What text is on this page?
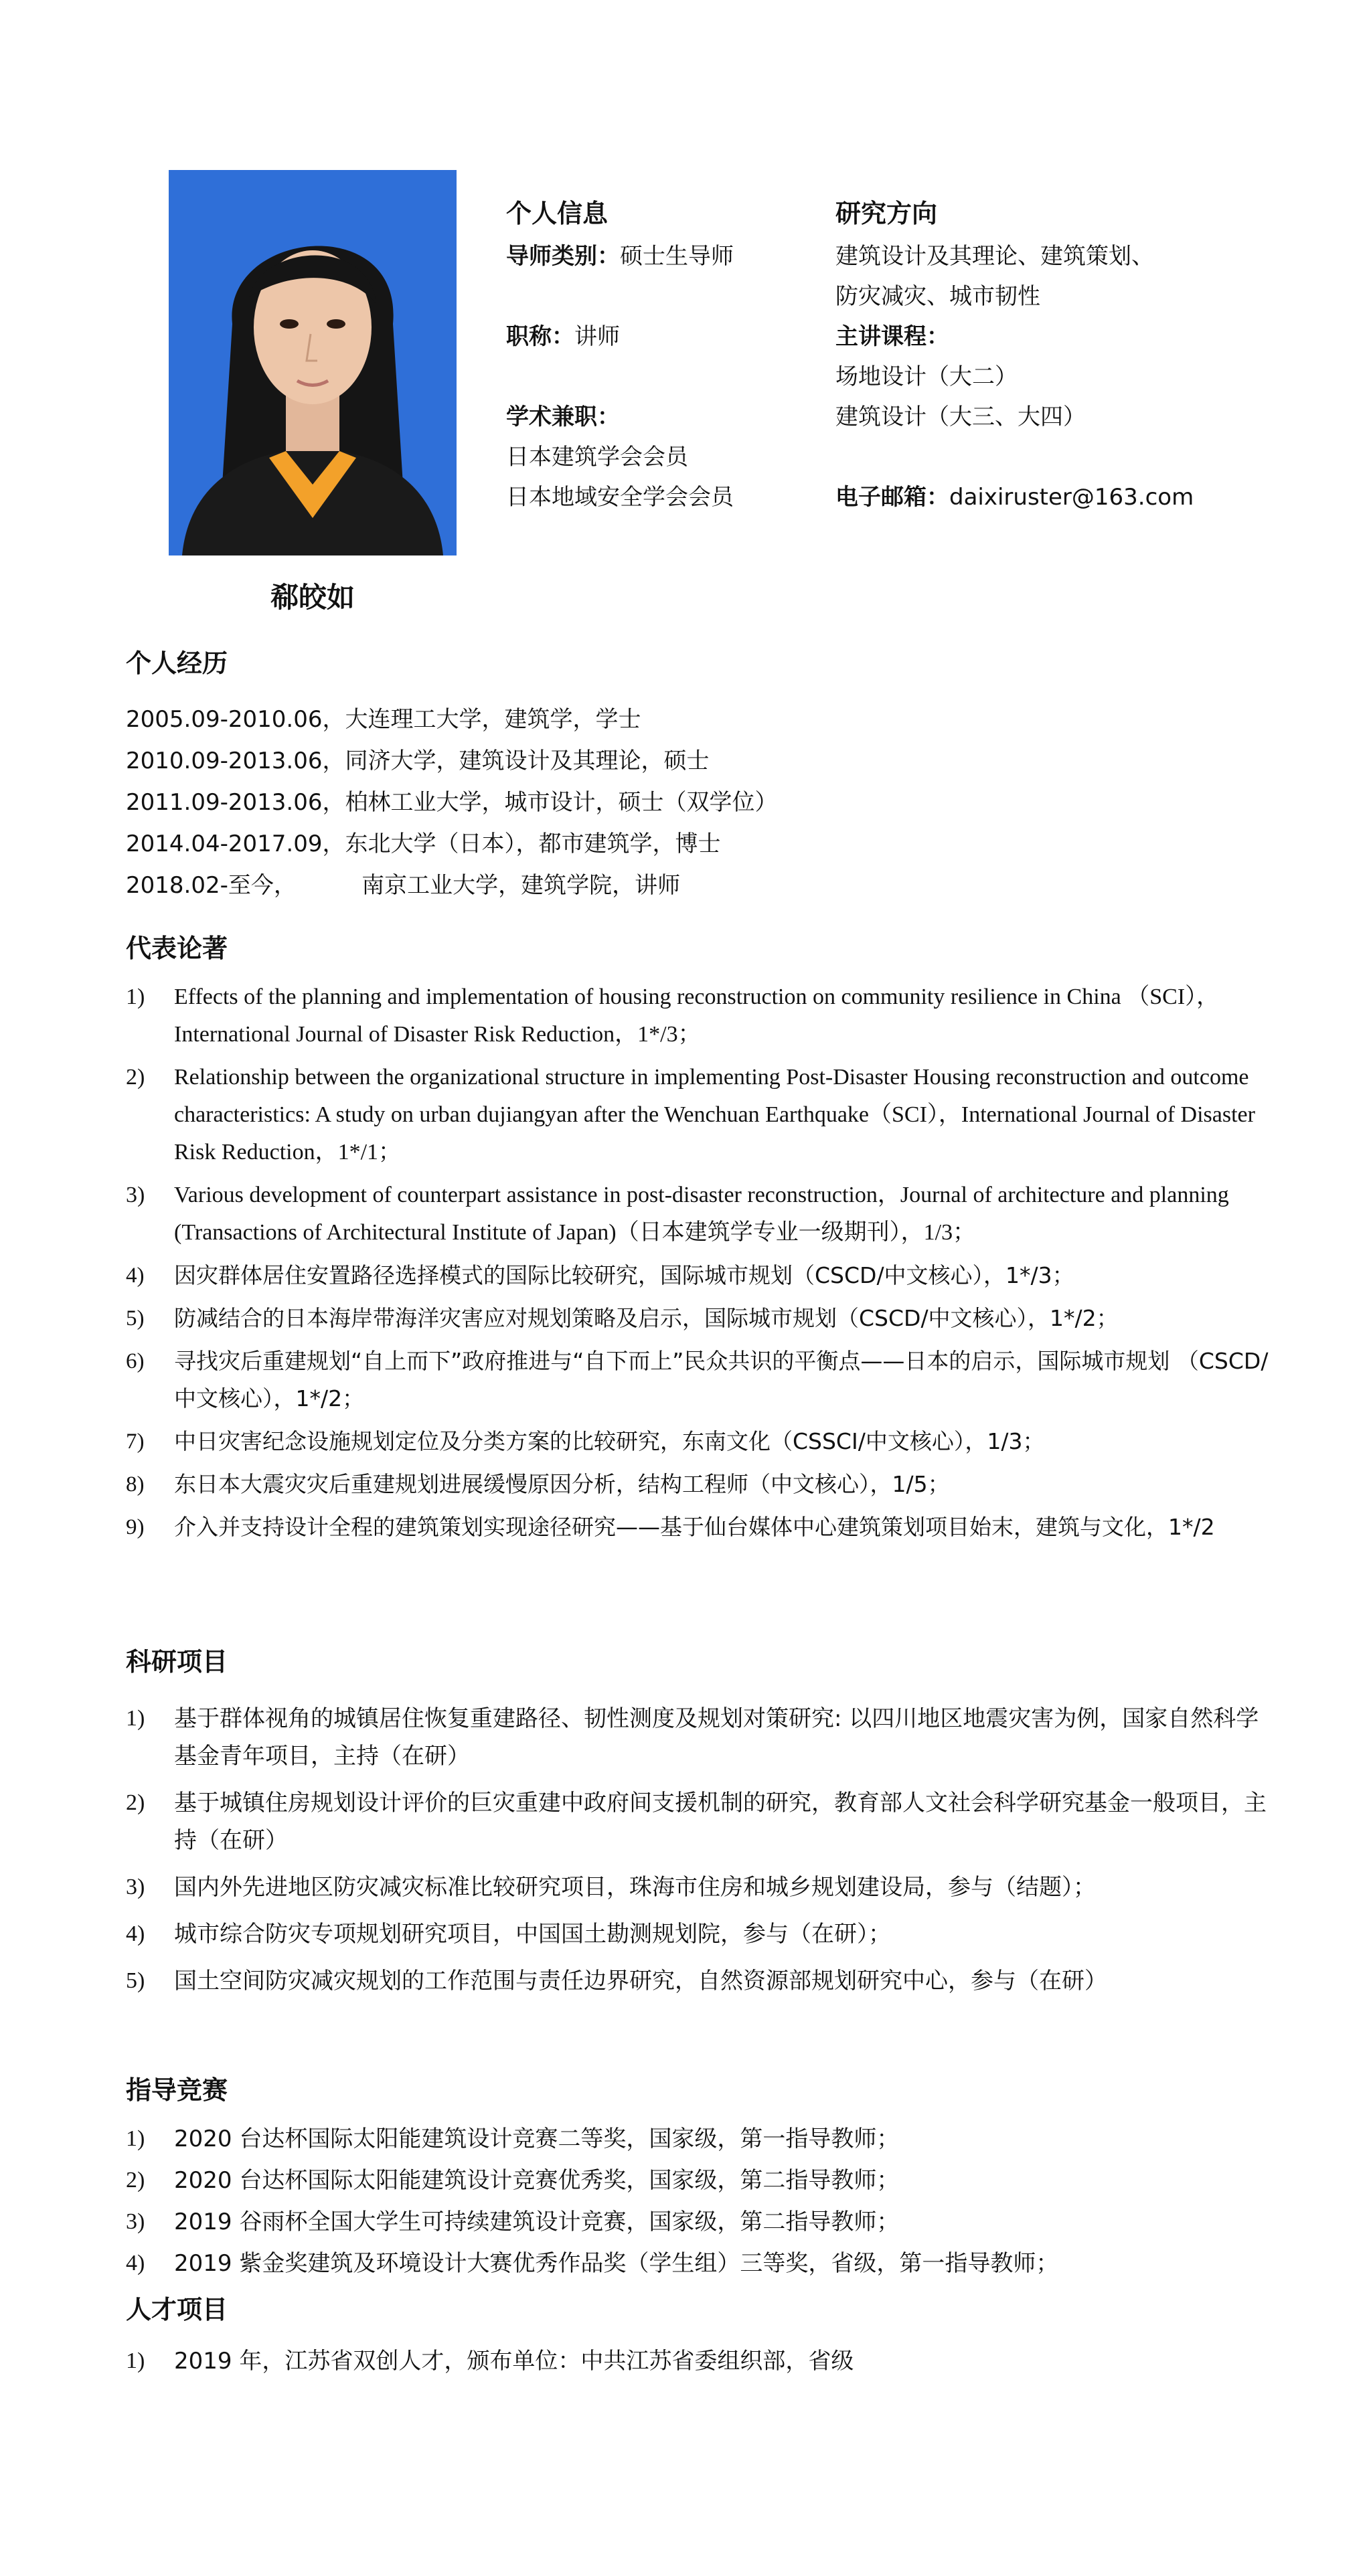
郗皎如
个人信息
导师类别：硕士生导师
职称：讲师
学术兼职：
日本建筑学会会员
日本地域安全学会会员
研究方向
建筑设计及其理论、建筑策划、
防灾减灾、城市韧性
主讲课程：
场地设计（大二）
建筑设计（大三、大四）
电子邮箱：daixiruster@163.com
个人经历
2005.09-2010.06，大连理工大学，建筑学，学士
2010.09-2013.06，同济大学，建筑设计及其理论，硕士
2011.09-2013.06，柏林工业大学，城市设计，硕士（双学位）
2014.04-2017.09，东北大学（日本），都市建筑学，博士
2018.02-至今，         南京工业大学，建筑学院，讲师
代表论著
1) Effects of the planning and implementation of housing reconstruction on community resilience in China （SCI），International Journal of Disaster Risk Reduction，1*/3；
2) Relationship between the organizational structure in implementing Post-Disaster Housing reconstruction and outcome characteristics: A study on urban dujiangyan after the Wenchuan Earthquake（SCI），International Journal of Disaster Risk Reduction，1*/1；
3) Various development of counterpart assistance in post-disaster reconstruction，Journal of architecture and planning (Transactions of Architectural Institute of Japan)（日本建筑学专业一级期刊），1/3；
4) 因灾群体居住安置路径选择模式的国际比较研究，国际城市规划（CSCD/中文核心），1*/3；
5) 防减结合的日本海岸带海洋灾害应对规划策略及启示，国际城市规划（CSCD/中文核心），1*/2；
6) 寻找灾后重建规划“自上而下”政府推进与“自下而上”民众共识的平衡点——日本的启示，国际城市规划 （CSCD/中文核心），1*/2；
7) 中日灾害纪念设施规划定位及分类方案的比较研究，东南文化（CSSCI/中文核心），1/3；
8) 东日本大震灾灾后重建规划进展缓慢原因分析，结构工程师（中文核心），1/5；
9) 介入并支持设计全程的建筑策划实现途径研究——基于仙台媒体中心建筑策划项目始末，建筑与文化，1*/2
科研项目
1) 基于群体视角的城镇居住恢复重建路径、韧性测度及规划对策研究: 以四川地区地震灾害为例，国家自然科学基金青年项目，主持（在研）
2) 基于城镇住房规划设计评价的巨灾重建中政府间支援机制的研究，教育部人文社会科学研究基金一般项目，主持（在研）
3) 国内外先进地区防灾减灾标准比较研究项目，珠海市住房和城乡规划建设局，参与（结题）；
4) 城市综合防灾专项规划研究项目，中国国土勘测规划院，参与（在研）；
5) 国土空间防灾减灾规划的工作范围与责任边界研究，自然资源部规划研究中心，参与（在研）
指导竞赛
1) 2020 台达杯国际太阳能建筑设计竞赛二等奖，国家级，第一指导教师；
2) 2020 台达杯国际太阳能建筑设计竞赛优秀奖，国家级，第二指导教师；
3) 2019 谷雨杯全国大学生可持续建筑设计竞赛，国家级，第二指导教师；
4) 2019 紫金奖建筑及环境设计大赛优秀作品奖（学生组）三等奖，省级，第一指导教师；
人才项目
1) 2019 年，江苏省双创人才，颁布单位：中共江苏省委组织部，省级
